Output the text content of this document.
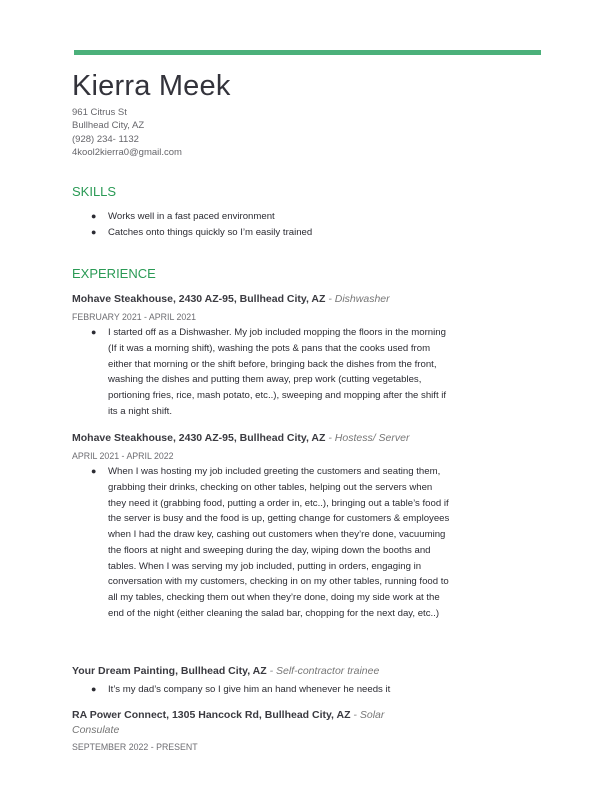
Kierra Meek
961 Citrus St
Bullhead City, AZ
(928) 234- 1132
4kool2kierra0@gmail.com
SKILLS
● Works well in a fast paced environment
● Catches onto things quickly so I’m easily trained
EXPERIENCE
Mohave Steakhouse, 2430 AZ-95, Bullhead City, AZ - Dishwasher
FEBRUARY 2021 - APRIL 2021
● I started off as a Dishwasher. My job included mopping the floors in the morning (If it was a morning shift), washing the pots & pans that the cooks used from either that morning or the shift before, bringing back the dishes from the front, washing the dishes and putting them away, prep work (cutting vegetables, portioning fries, rice, mash potato, etc..), sweeping and mopping after the shift if its a night shift.
Mohave Steakhouse, 2430 AZ-95, Bullhead City, AZ - Hostess/ Server
APRIL 2021 - APRIL 2022
● When I was hosting my job included greeting the customers and seating them, grabbing their drinks, checking on other tables, helping out the servers when they need it (grabbing food, putting a order in, etc..), bringing out a table’s food if the server is busy and the food is up, getting change for customers & employees when I had the draw key, cashing out customers when they’re done, vacuuming the floors at night and sweeping during the day, wiping down the booths and tables. When I was serving my job included, putting in orders, engaging in conversation with my customers, checking in on my other tables, running food to all my tables, checking them out when they’re done, doing my side work at the end of the night (either cleaning the salad bar, chopping for the next day, etc..)
Your Dream Painting, Bullhead City, AZ - Self-contractor trainee
● It’s my dad’s company so I give him an hand whenever he needs it
RA Power Connect, 1305 Hancock Rd, Bullhead City, AZ - Solar Consulate
SEPTEMBER 2022 - PRESENT
